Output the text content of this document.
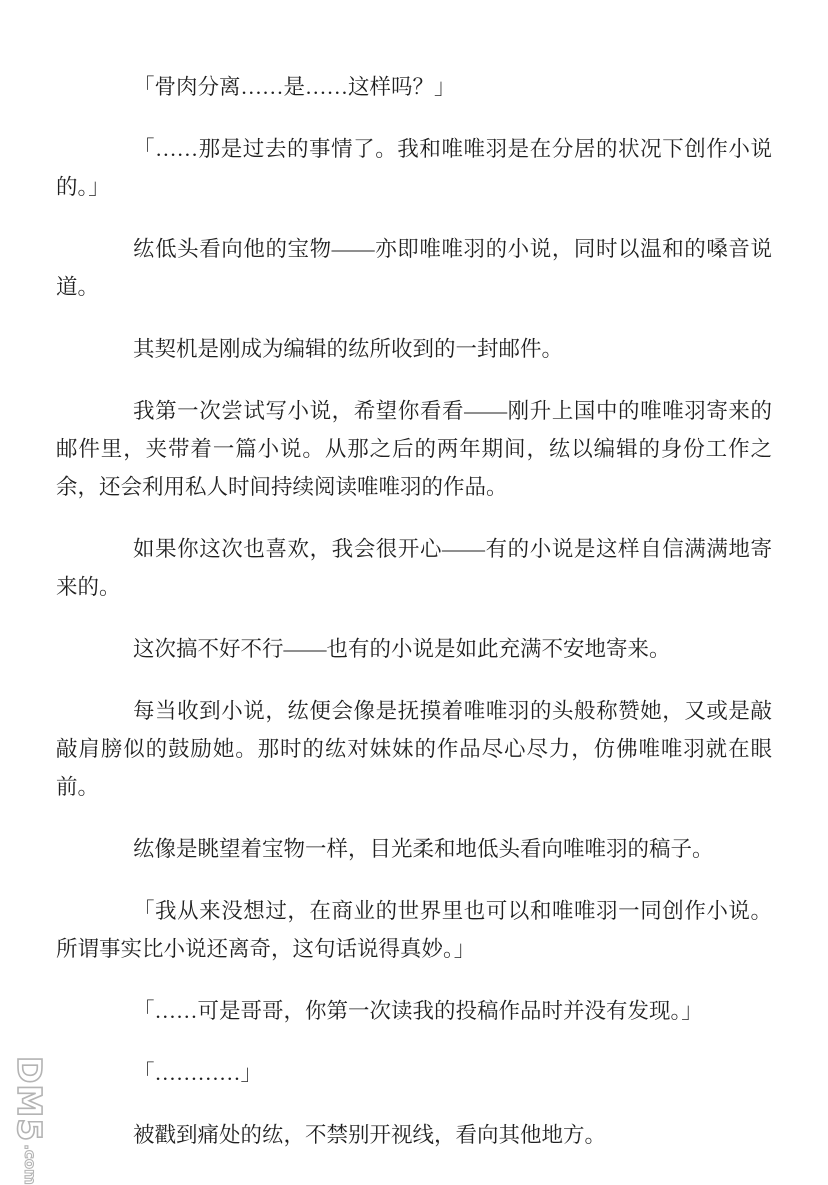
「骨肉分离……是……这样吗？」

「……那是过去的事情了。我和唯唯羽是在分居的状况下创作小说的。」

纮低头看向他的宝物——亦即唯唯羽的小说，同时以温和的嗓音说道。

其契机是刚成为编辑的纮所收到的一封邮件。

我第一次尝试写小说，希望你看看——刚升上国中的唯唯羽寄来的邮件里，夹带着一篇小说。从那之后的两年期间，纮以编辑的身份工作之余，还会利用私人时间持续阅读唯唯羽的作品。

如果你这次也喜欢，我会很开心——有的小说是这样自信满满地寄来的。

这次搞不好不行——也有的小说是如此充满不安地寄来。

每当收到小说，纮便会像是抚摸着唯唯羽的头般称赞她，又或是敲敲肩膀似的鼓励她。那时的纮对妹妹的作品尽心尽力，仿佛唯唯羽就在眼前。

纮像是眺望着宝物一样，目光柔和地低头看向唯唯羽的稿子。

「我从来没想过，在商业的世界里也可以和唯唯羽一同创作小说。所谓事实比小说还离奇，这句话说得真妙。」

「……可是哥哥，你第一次读我的投稿作品时并没有发现。」

「…………」

被戳到痛处的纮，不禁别开视线，看向其他地方。

DM5
.com
